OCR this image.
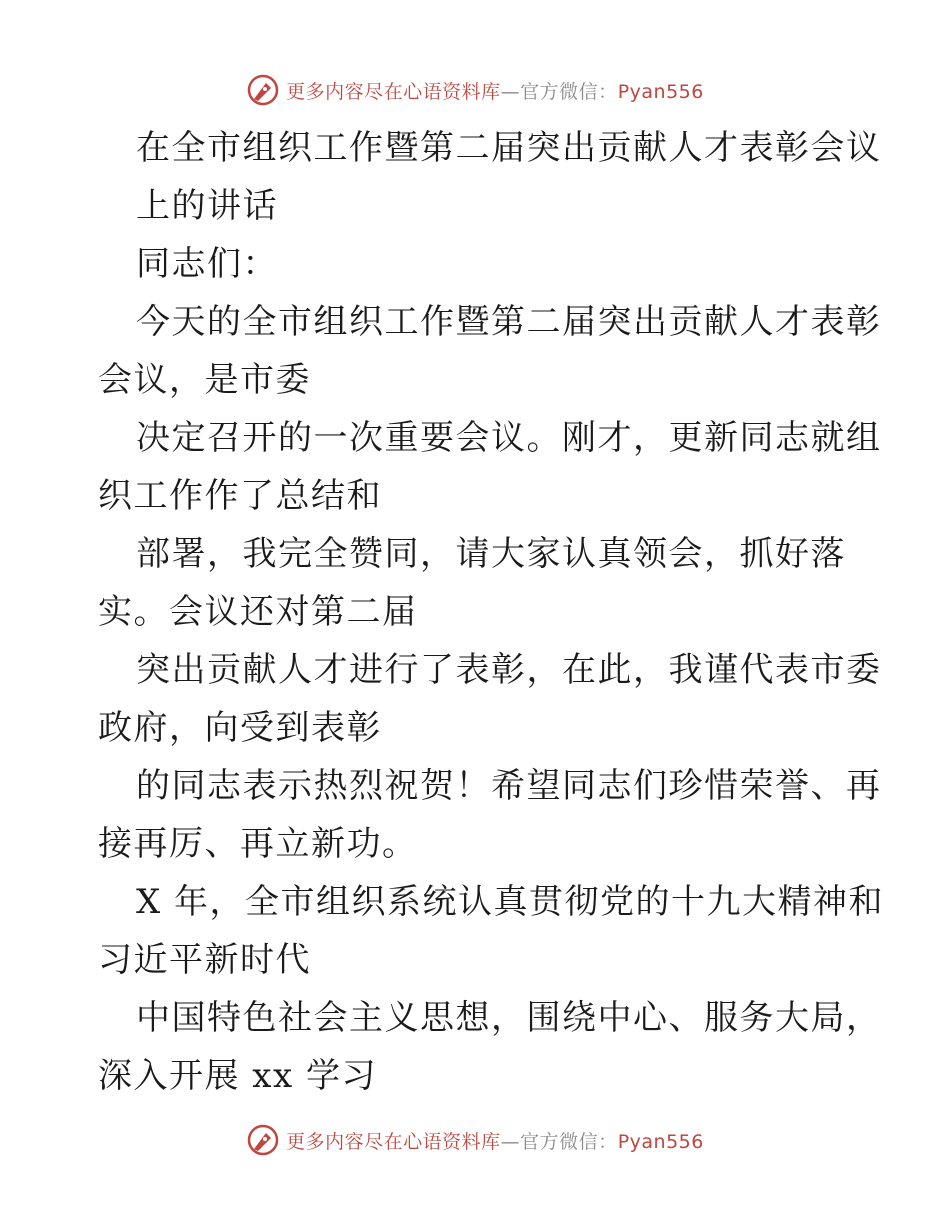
更多内容尽在心语资料库—官方微信：Pyan556
在全市组织工作暨第二届突出贡献人才表彰会议
上的讲话
同志们：
今天的全市组织工作暨第二届突出贡献人才表彰
会议，是市委
决定召开的一次重要会议。刚才，更新同志就组
织工作作了总结和
部署，我完全赞同，请大家认真领会，抓好落
实。会议还对第二届
突出贡献人才进行了表彰，在此，我谨代表市委
政府，向受到表彰
的同志表示热烈祝贺！希望同志们珍惜荣誉、再
接再厉、再立新功。
X 年，全市组织系统认真贯彻党的十九大精神和
习近平新时代
中国特色社会主义思想，围绕中心、服务大局，
深入开展 xx 学习
更多内容尽在心语资料库—官方微信：Pyan556
